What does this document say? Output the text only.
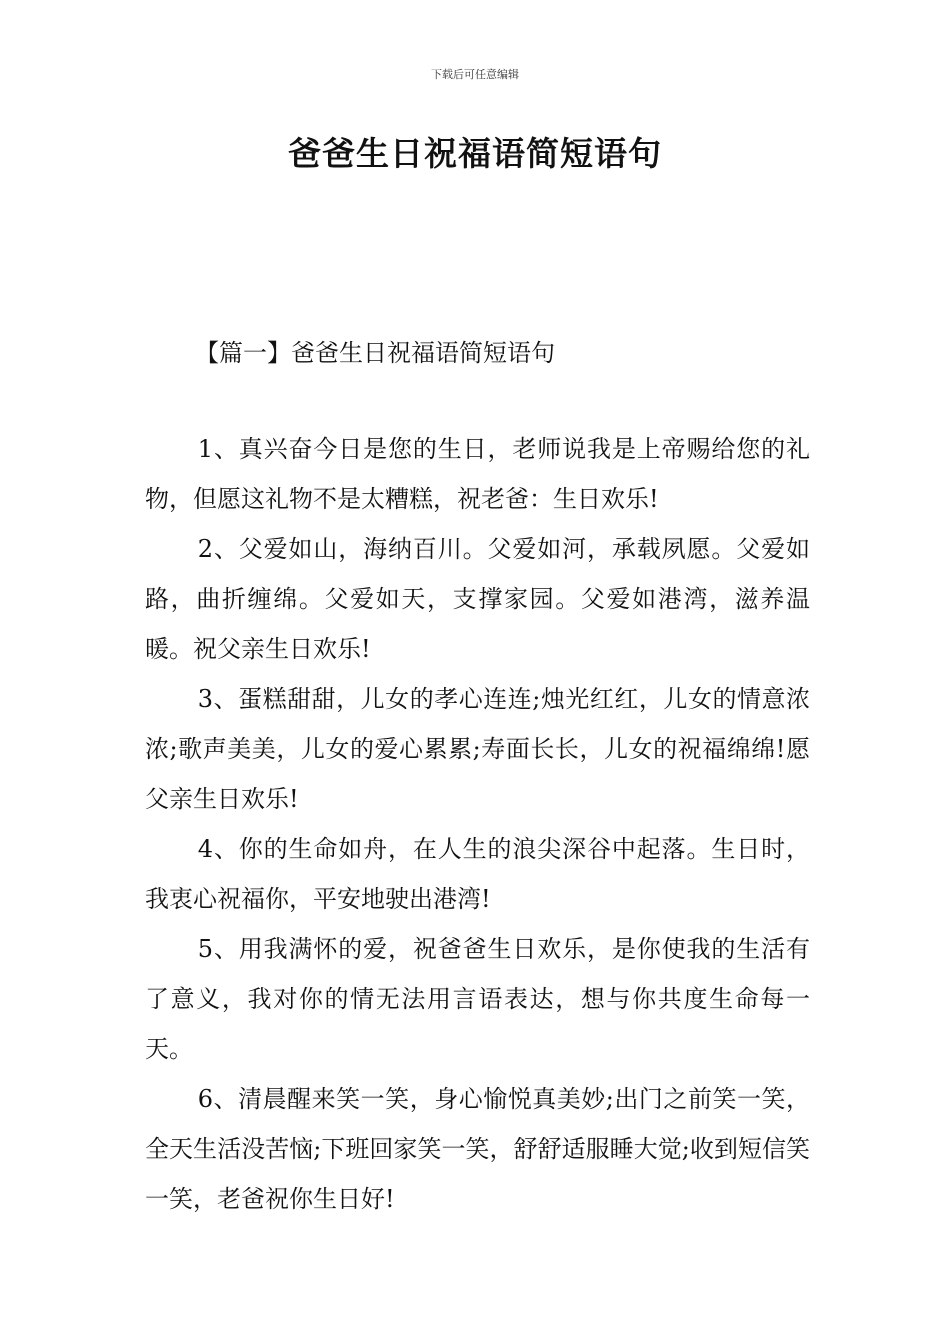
下载后可任意编辑
爸爸生日祝福语简短语句
【篇一】爸爸生日祝福语简短语句

1、真兴奋今日是您的生日，老师说我是上帝赐给您的礼物，但愿这礼物不是太糟糕，祝老爸：生日欢乐!

2、父爱如山，海纳百川。父爱如河，承载夙愿。父爱如路，曲折缠绵。父爱如天，支撑家园。父爱如港湾，滋养温暖。祝父亲生日欢乐!

3、蛋糕甜甜，儿女的孝心连连;烛光红红，儿女的情意浓浓;歌声美美，儿女的爱心累累;寿面长长，儿女的祝福绵绵!愿父亲生日欢乐!

4、你的生命如舟，在人生的浪尖深谷中起落。生日时，我衷心祝福你，平安地驶出港湾!

5、用我满怀的爱，祝爸爸生日欢乐，是你使我的生活有了意义，我对你的情无法用言语表达，想与你共度生命每一天。

6、清晨醒来笑一笑，身心愉悦真美妙;出门之前笑一笑，全天生活没苦恼;下班回家笑一笑，舒舒适服睡大觉;收到短信笑一笑，老爸祝你生日好!
